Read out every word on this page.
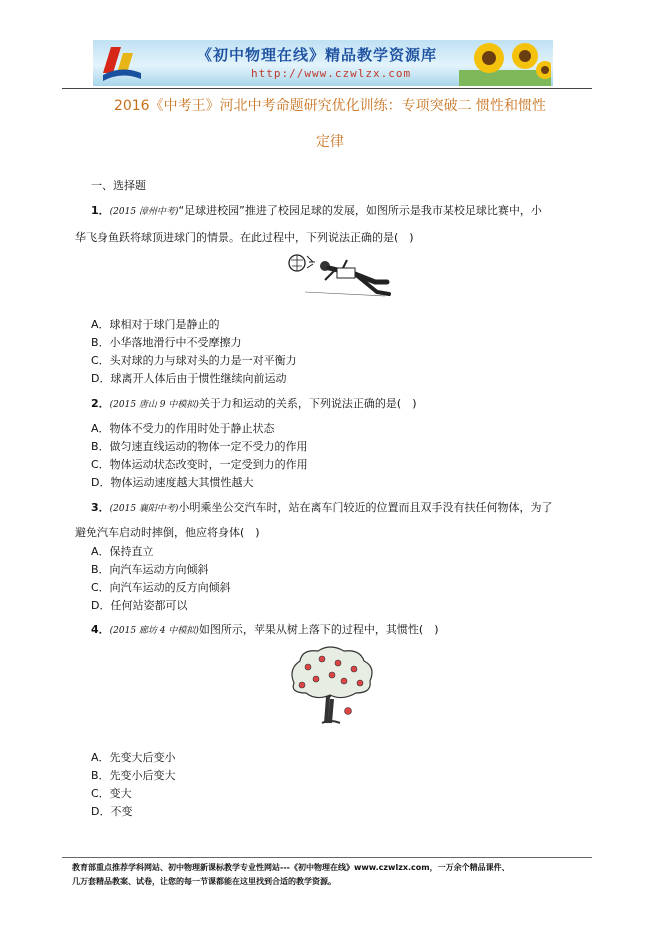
《初中物理在线》精品教学资源库
http://www.czwlzx.com
2016《中考王》河北中考命题研究优化训练：专项突破二 惯性和惯性
定律
一、选择题
1．(2015 漳州中考)“足球进校园”推进了校园足球的发展，如图所示是我市某校足球比赛中，小
华飞身鱼跃将球顶进球门的情景。在此过程中，下列说法正确的是(　)
A．球相对于球门是静止的
B．小华落地滑行中不受摩擦力
C．头对球的力与球对头的力是一对平衡力
D．球离开人体后由于惯性继续向前运动
2．(2015 唐山 9 中模拟)关于力和运动的关系，下列说法正确的是(　)
A．物体不受力的作用时处于静止状态
B．做匀速直线运动的物体一定不受力的作用
C．物体运动状态改变时，一定受到力的作用
D．物体运动速度越大其惯性越大
3．(2015 襄阳中考)小明乘坐公交汽车时，站在离车门较近的位置而且双手没有扶任何物体，为了
避免汽车启动时摔倒，他应将身体(　)
A．保持直立
B．向汽车运动方向倾斜
C．向汽车运动的反方向倾斜
D．任何站姿都可以
4．(2015 廊坊 4 中模拟)如图所示，苹果从树上落下的过程中，其惯性(　)
A．先变大后变小
B．先变小后变大
C．变大
D．不变
教育部重点推荐学科网站、初中物理新课标教学专业性网站---《初中物理在线》www.czwlzx.com，一万余个精品课件、
几万套精品教案、试卷，让您的每一节课都能在这里找到合适的教学资源。
